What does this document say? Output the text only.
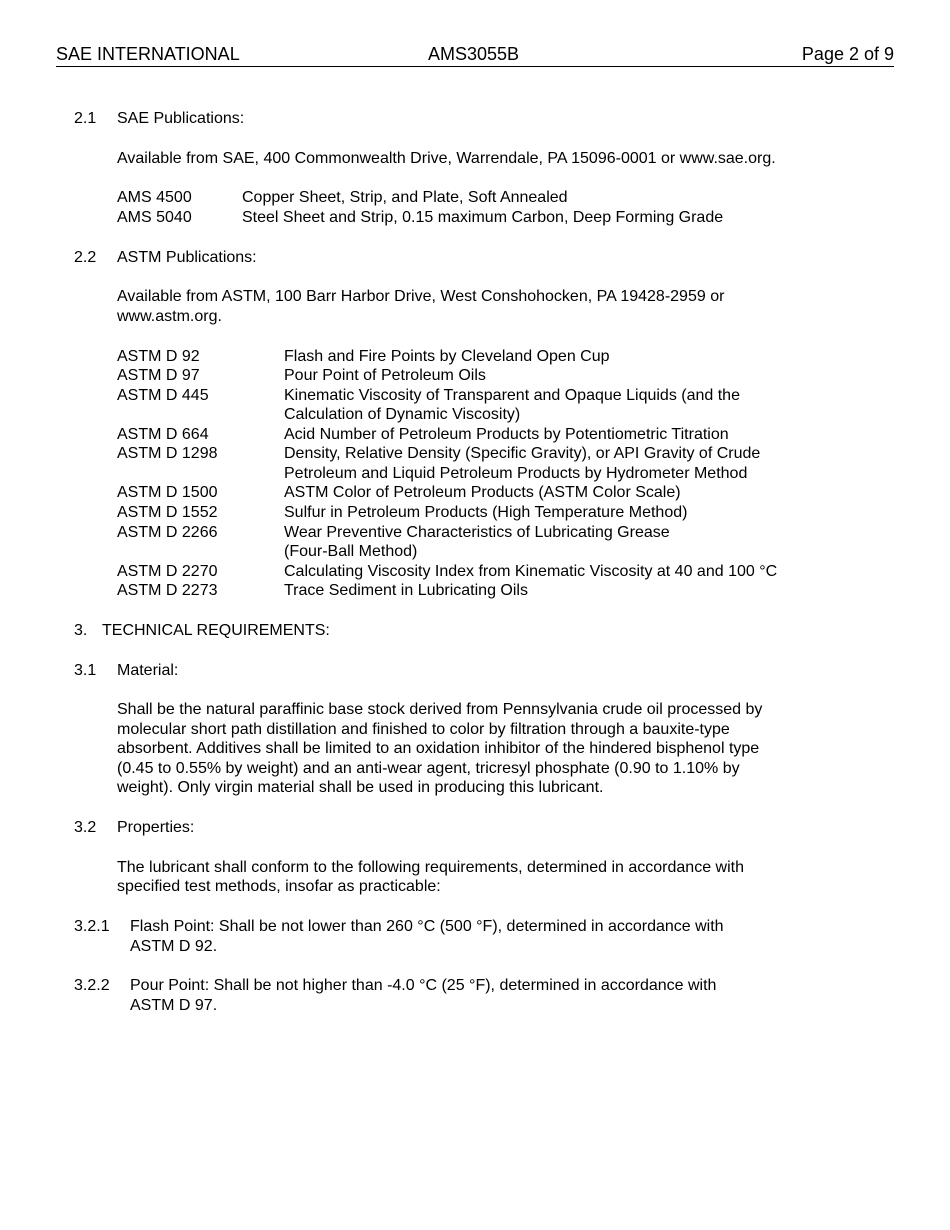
SAE INTERNATIONAL	AMS3055B	Page 2 of 9
2.1 SAE Publications:
Available from SAE, 400 Commonwealth Drive, Warrendale, PA 15096-0001 or www.sae.org.
AMS 4500	Copper Sheet, Strip, and Plate, Soft Annealed
AMS 5040	Steel Sheet and Strip, 0.15 maximum Carbon, Deep Forming Grade
2.2 ASTM Publications:
Available from ASTM, 100 Barr Harbor Drive, West Conshohocken, PA 19428-2959 or
www.astm.org.
ASTM D 92	Flash and Fire Points by Cleveland Open Cup
ASTM D 97	Pour Point of Petroleum Oils
ASTM D 445	Kinematic Viscosity of Transparent and Opaque Liquids (and the
Calculation of Dynamic Viscosity)
ASTM D 664	Acid Number of Petroleum Products by Potentiometric Titration
ASTM D 1298	Density, Relative Density (Specific Gravity), or API Gravity of Crude
Petroleum and Liquid Petroleum Products by Hydrometer Method
ASTM D 1500	ASTM Color of Petroleum Products (ASTM Color Scale)
ASTM D 1552	Sulfur in Petroleum Products (High Temperature Method)
ASTM D 2266	Wear Preventive Characteristics of Lubricating Grease
(Four-Ball Method)
ASTM D 2270	Calculating Viscosity Index from Kinematic Viscosity at 40 and 100 °C
ASTM D 2273	Trace Sediment in Lubricating Oils
3. TECHNICAL REQUIREMENTS:
3.1 Material:
Shall be the natural paraffinic base stock derived from Pennsylvania crude oil processed by
molecular short path distillation and finished to color by filtration through a bauxite-type
absorbent. Additives shall be limited to an oxidation inhibitor of the hindered bisphenol type
(0.45 to 0.55% by weight) and an anti-wear agent, tricresyl phosphate (0.90 to 1.10% by
weight). Only virgin material shall be used in producing this lubricant.
3.2 Properties:
The lubricant shall conform to the following requirements, determined in accordance with
specified test methods, insofar as practicable:
3.2.1 Flash Point: Shall be not lower than 260 °C (500 °F), determined in accordance with
ASTM D 92.
3.2.2 Pour Point: Shall be not higher than -4.0 °C (25 °F), determined in accordance with
ASTM D 97.
